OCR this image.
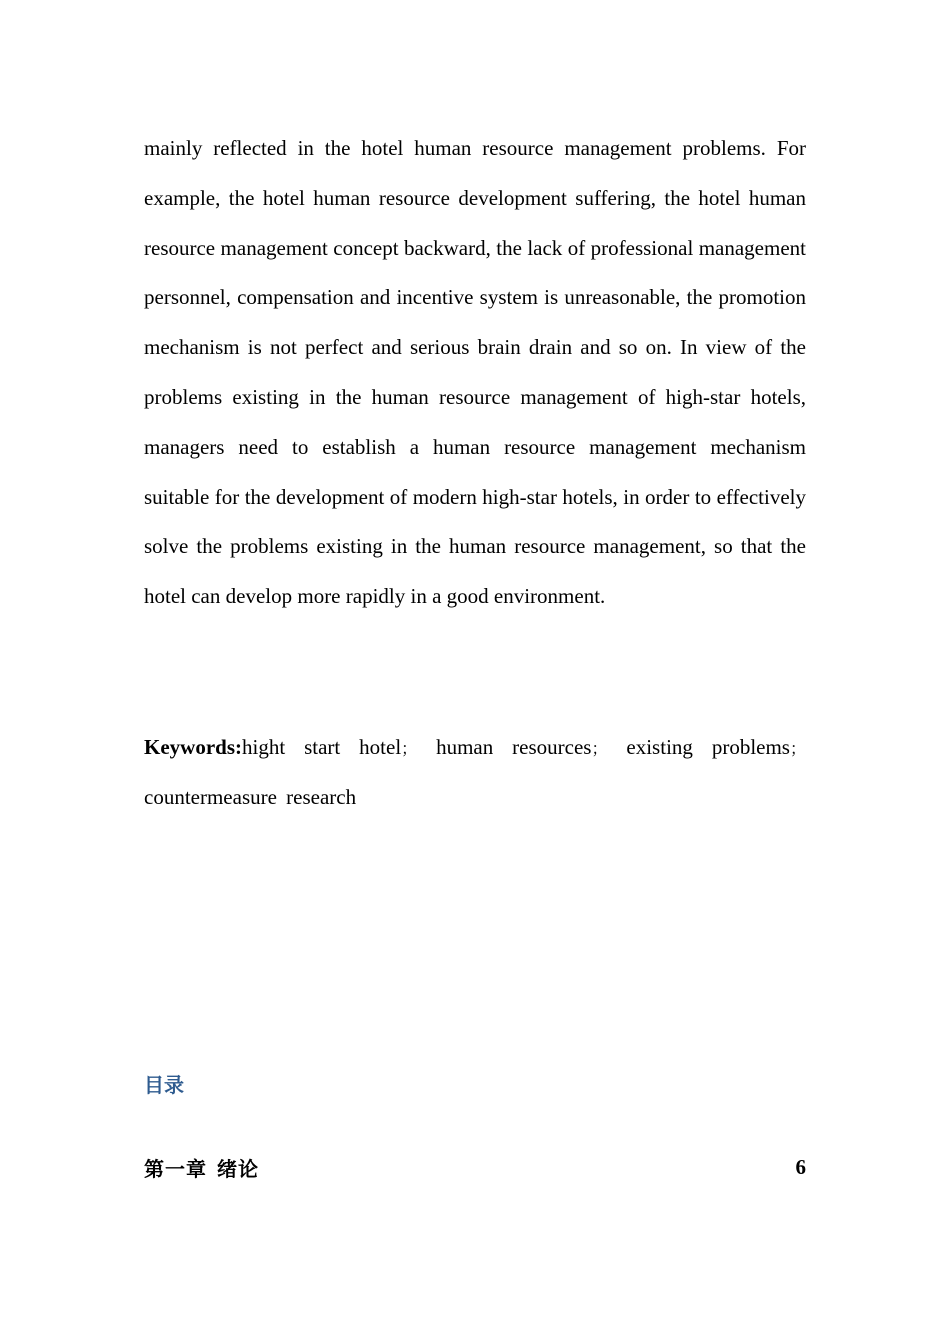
mainly reflected in the hotel human resource management problems. For example, the hotel human resource development suffering, the hotel human resource management concept backward, the lack of professional management personnel, compensation and incentive system is unreasonable, the promotion mechanism is not perfect and serious brain drain and so on. In view of the problems existing in the human resource management of high-star hotels, managers need to establish a human resource management mechanism suitable for the development of modern high-star hotels, in order to effectively solve the problems existing in the human resource management, so that the hotel can develop more rapidly in a good environment.

Keywords:hight start hotel； human resources； existing problems； countermeasure research

目录
第一章 绪论	6
